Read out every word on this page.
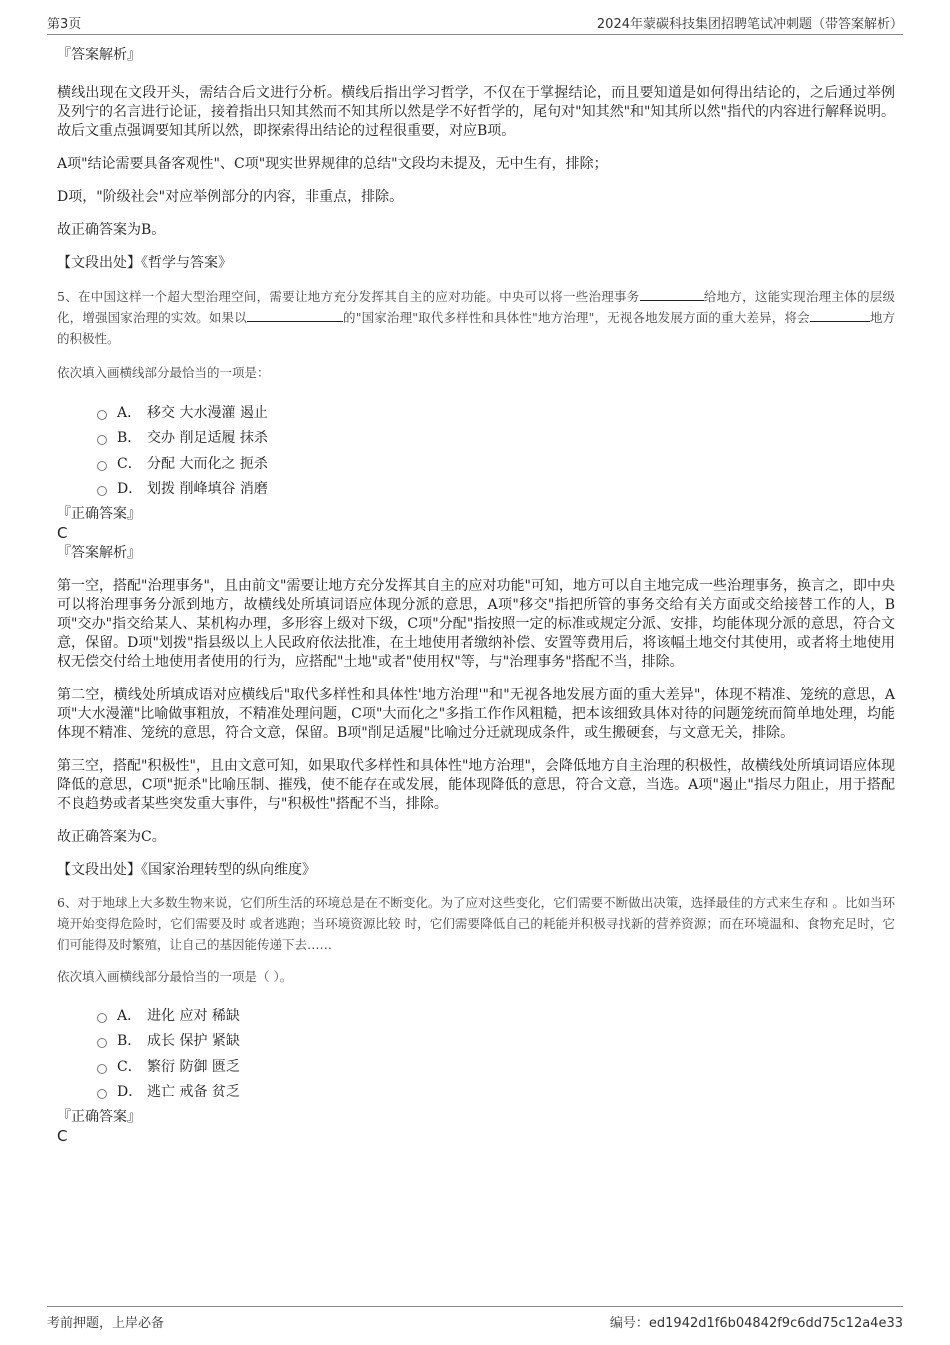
第3页	2024年蒙碳科技集团招聘笔试冲刺题（带答案解析）

『答案解析』

横线出现在文段开头，需结合后文进行分析。横线后指出学习哲学，不仅在于掌握结论，而且要知道是如何得出结论的，之后通过举例及列宁的名言进行论证，接着指出只知其然而不知其所以然是学不好哲学的，尾句对"知其然"和"知其所以然"指代的内容进行解释说明。故后文重点强调要知其所以然，即探索得出结论的过程很重要，对应B项。

A项"结论需要具备客观性"、C项"现实世界规律的总结"文段均未提及，无中生有，排除；

D项，"阶级社会"对应举例部分的内容，非重点，排除。

故正确答案为B。

【文段出处】《哲学与答案》

5、在中国这样一个超大型治理空间，需要让地方充分发挥其自主的应对功能。中央可以将一些治理事务	给地方，这能实现治理主体的层级化，增强国家治理的实效。如果以	的"国家治理"取代多样性和具体性"地方治理"，无视各地发展方面的重大差异，将会	地方的积极性。

依次填入画横线部分最恰当的一项是：

A． 移交 大水漫灌 遏止
B． 交办 削足适履 抹杀
C． 分配 大而化之 扼杀
D． 划拨 削峰填谷 消磨

『正确答案』

C

『答案解析』

第一空，搭配"治理事务"，且由前文"需要让地方充分发挥其自主的应对功能"可知，地方可以自主地完成一些治理事务，换言之，即中央可以将治理事务分派到地方，故横线处所填词语应体现分派的意思，A项"移交"指把所管的事务交给有关方面或交给接替工作的人，B项"交办"指交给某人、某机构办理，多形容上级对下级，C项"分配"指按照一定的标准或规定分派、安排，均能体现分派的意思，符合文意，保留。D项"划拨"指县级以上人民政府依法批准，在土地使用者缴纳补偿、安置等费用后，将该幅土地交付其使用，或者将土地使用权无偿交付给土地使用者使用的行为，应搭配"土地"或者"使用权"等，与"治理事务"搭配不当，排除。

第二空，横线处所填成语对应横线后"取代多样性和具体性'地方治理'"和"无视各地发展方面的重大差异"，体现不精准、笼统的意思，A项"大水漫灌"比喻做事粗放，不精准处理问题，C项"大而化之"多指工作作风粗糙，把本该细致具体对待的问题笼统而简单地处理，均能体现不精准、笼统的意思，符合文意，保留。B项"削足适履"比喻过分迁就现成条件，或生搬硬套，与文意无关，排除。

第三空，搭配"积极性"，且由文意可知，如果取代多样性和具体性"地方治理"，会降低地方自主治理的积极性，故横线处所填词语应体现降低的意思，C项"扼杀"比喻压制、摧残，使不能存在或发展，能体现降低的意思，符合文意，当选。A项"遏止"指尽力阻止，用于搭配不良趋势或者某些突发重大事件，与"积极性"搭配不当，排除。

故正确答案为C。

【文段出处】《国家治理转型的纵向维度》

6、对于地球上大多数生物来说，它们所生活的环境总是在不断变化。为了应对这些变化，它们需要不断做出决策，选择最佳的方式来生存和 。比如当环境开始变得危险时，它们需要及时 或者逃跑；当环境资源比较 时，它们需要降低自己的耗能并积极寻找新的营养资源；而在环境温和、食物充足时，它们可能得及时繁殖，让自己的基因能传递下去……

依次填入画横线部分最恰当的一项是（ ）。

A． 进化 应对 稀缺
B． 成长 保护 紧缺
C． 繁衍 防御 匮乏
D． 逃亡 戒备 贫乏

『正确答案』

C

考前押题，上岸必备	编号：ed1942d1f6b04842f9c6dd75c12a4e33
